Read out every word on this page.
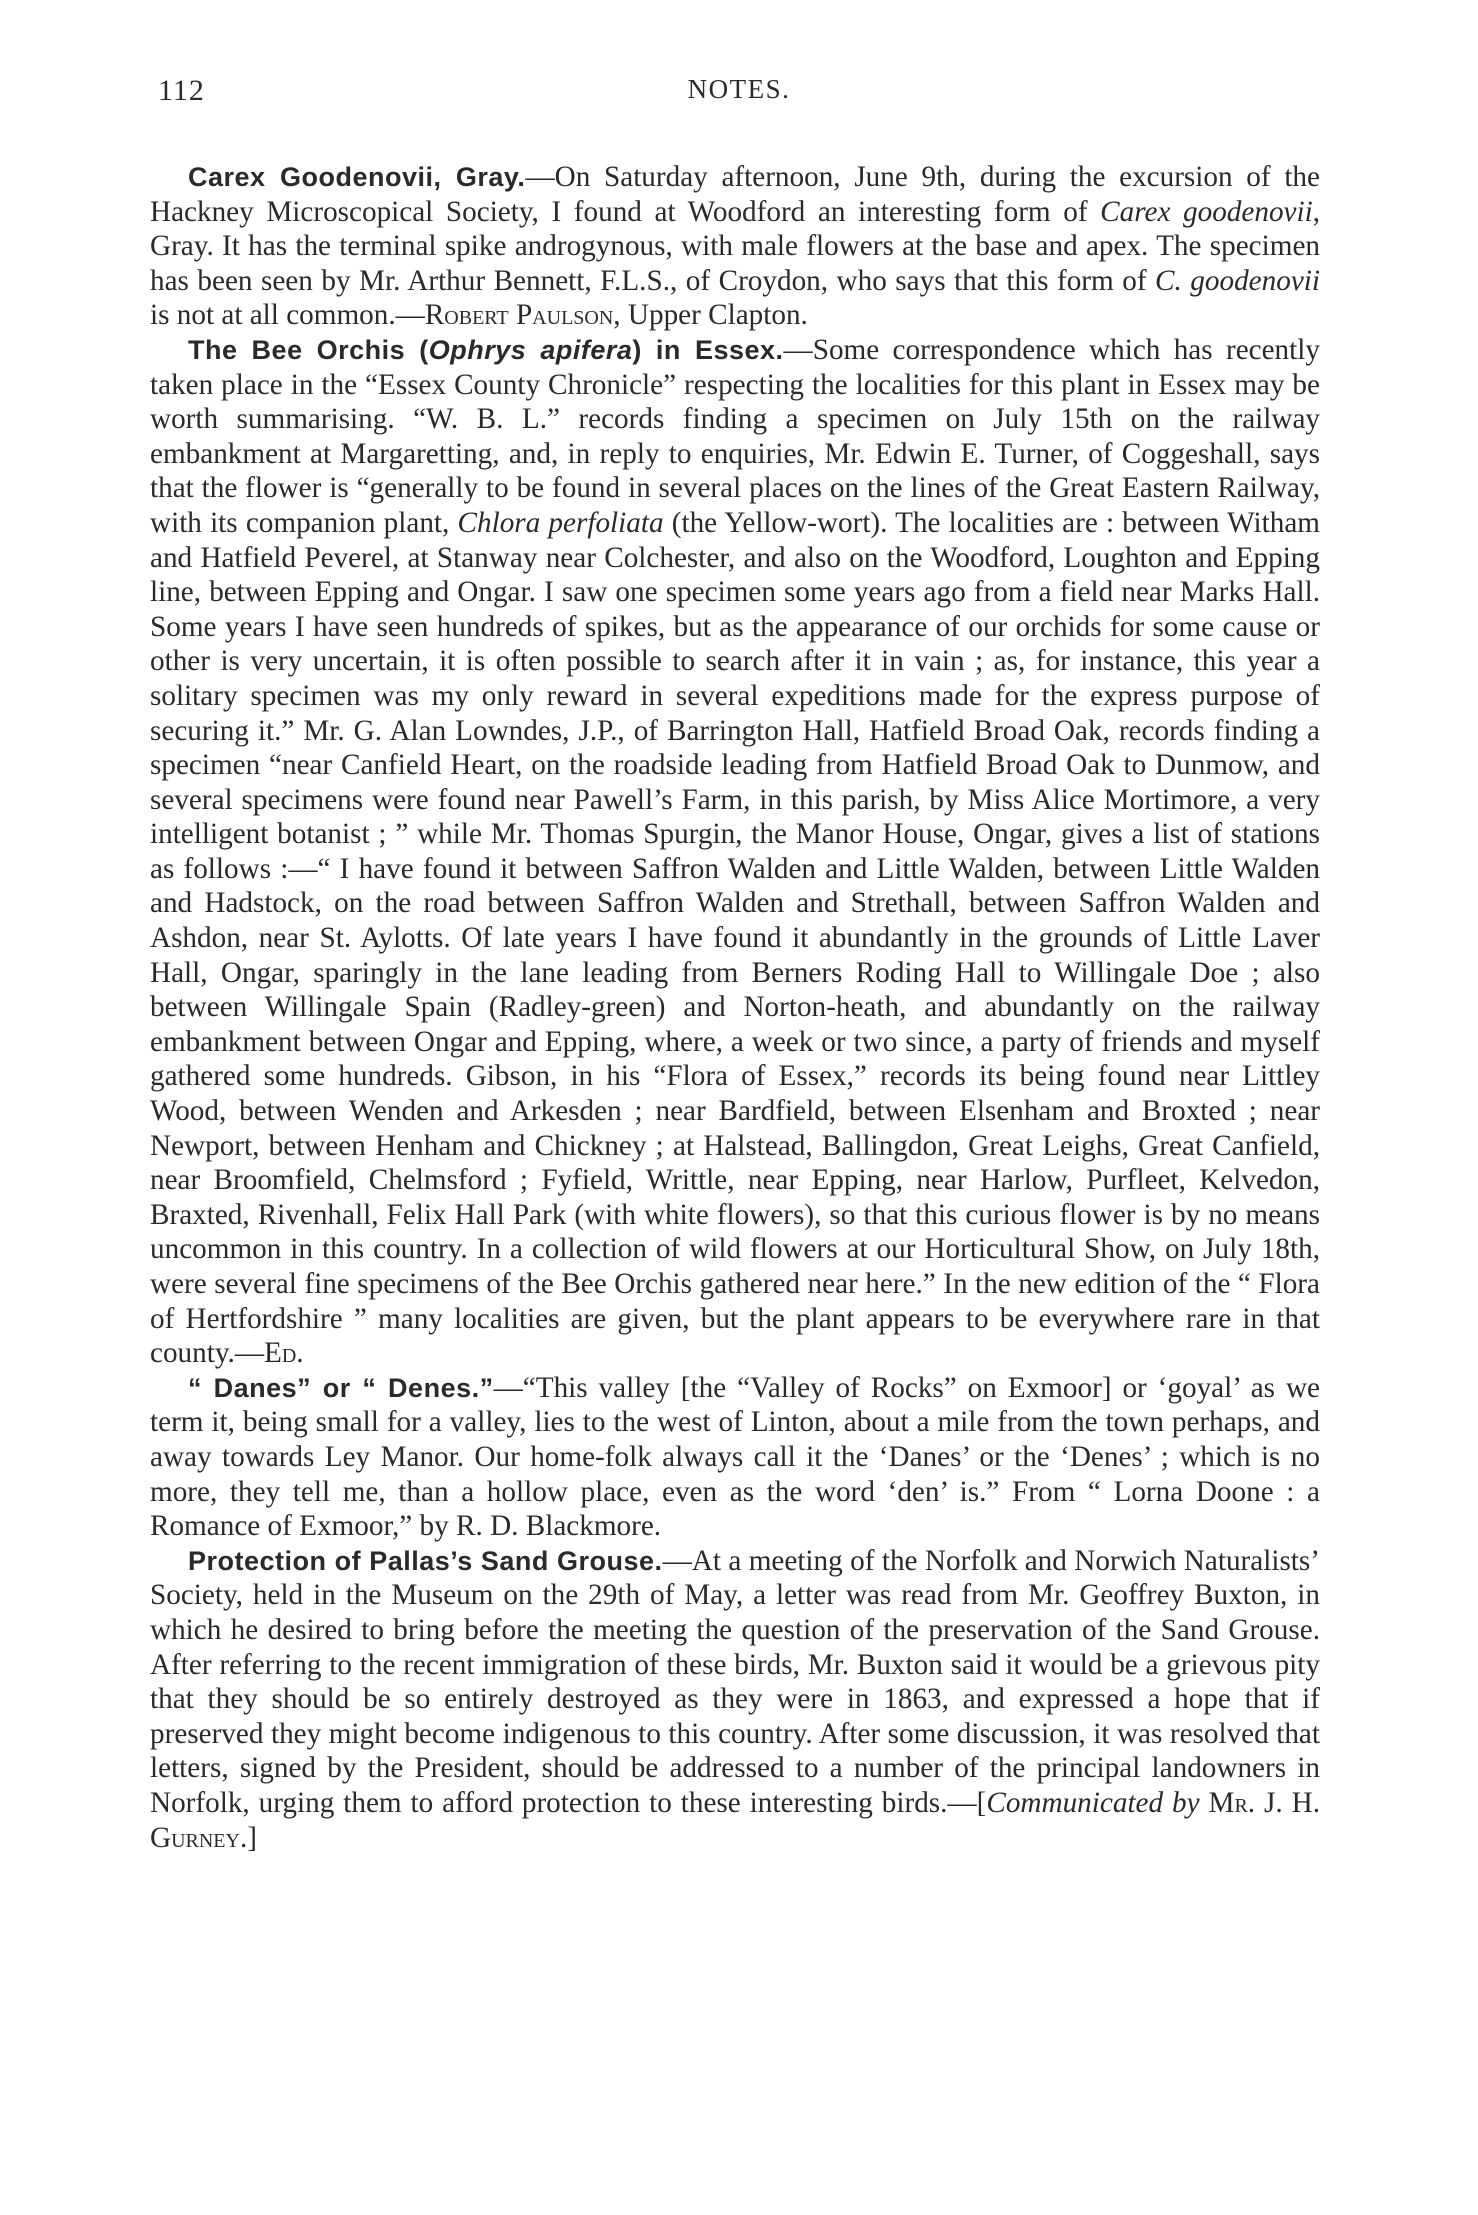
112	NOTES.

Carex Goodenovii, Gray.—On Saturday afternoon, June 9th, during the excursion of the Hackney Microscopical Society, I found at Woodford an interesting form of Carex goodenovii, Gray. It has the terminal spike androgynous, with male flowers at the base and apex. The specimen has been seen by Mr. Arthur Bennett, F.L.S., of Croydon, who says that this form of C. goodenovii is not at all common.—Robert Paulson, Upper Clapton.

The Bee Orchis (Ophrys apifera) in Essex.—Some correspondence which has recently taken place in the “Essex County Chronicle” respecting the localities for this plant in Essex may be worth summarising. “W. B. L.” records finding a specimen on July 15th on the railway embankment at Margaretting, and, in reply to enquiries, Mr. Edwin E. Turner, of Coggeshall, says that the flower is “generally to be found in several places on the lines of the Great Eastern Railway, with its companion plant, Chlora perfoliata (the Yellow-wort). The localities are : between Witham and Hatfield Peverel, at Stanway near Colchester, and also on the Woodford, Loughton and Epping line, between Epping and Ongar. I saw one specimen some years ago from a field near Marks Hall. Some years I have seen hundreds of spikes, but as the appearance of our orchids for some cause or other is very uncertain, it is often possible to search after it in vain ; as, for instance, this year a solitary specimen was my only reward in several expeditions made for the express purpose of securing it.” Mr. G. Alan Lowndes, J.P., of Barrington Hall, Hatfield Broad Oak, records finding a specimen “near Canfield Heart, on the roadside leading from Hatfield Broad Oak to Dunmow, and several specimens were found near Pawell’s Farm, in this parish, by Miss Alice Mortimore, a very intelligent botanist ; ” while Mr. Thomas Spurgin, the Manor House, Ongar, gives a list of stations as follows :—“ I have found it between Saffron Walden and Little Walden, between Little Walden and Hadstock, on the road between Saffron Walden and Strethall, between Saffron Walden and Ashdon, near St. Aylotts. Of late years I have found it abundantly in the grounds of Little Laver Hall, Ongar, sparingly in the lane leading from Berners Roding Hall to Willingale Doe ; also between Willingale Spain (Radley-green) and Norton-heath, and abundantly on the railway embankment between Ongar and Epping, where, a week or two since, a party of friends and myself gathered some hundreds. Gibson, in his “Flora of Essex,” records its being found near Littley Wood, between Wenden and Arkesden ; near Bardfield, between Elsenham and Broxted ; near Newport, between Henham and Chickney ; at Halstead, Ballingdon, Great Leighs, Great Canfield, near Broomfield, Chelmsford ; Fyfield, Writtle, near Epping, near Harlow, Purfleet, Kelvedon, Braxted, Rivenhall, Felix Hall Park (with white flowers), so that this curious flower is by no means uncommon in this country. In a collection of wild flowers at our Horticultural Show, on July 18th, were several fine specimens of the Bee Orchis gathered near here.” In the new edition of the “ Flora of Hertfordshire ” many localities are given, but the plant appears to be everywhere rare in that county.—Ed.

“ Danes” or “ Denes.”—“This valley [the “Valley of Rocks” on Exmoor] or ‘goyal’ as we term it, being small for a valley, lies to the west of Linton, about a mile from the town perhaps, and away towards Ley Manor. Our home-folk always call it the ‘Danes’ or the ‘Denes’ ; which is no more, they tell me, than a hollow place, even as the word ‘den’ is.” From “ Lorna Doone : a Romance of Exmoor,” by R. D. Blackmore.

Protection of Pallas’s Sand Grouse.—At a meeting of the Norfolk and Norwich Naturalists’ Society, held in the Museum on the 29th of May, a letter was read from Mr. Geoffrey Buxton, in which he desired to bring before the meeting the question of the preservation of the Sand Grouse. After referring to the recent immigration of these birds, Mr. Buxton said it would be a grievous pity that they should be so entirely destroyed as they were in 1863, and expressed a hope that if preserved they might become indigenous to this country. After some discussion, it was resolved that letters, signed by the President, should be addressed to a number of the principal landowners in Norfolk, urging them to afford protection to these interesting birds.—[Communicated by Mr. J. H. Gurney.]
